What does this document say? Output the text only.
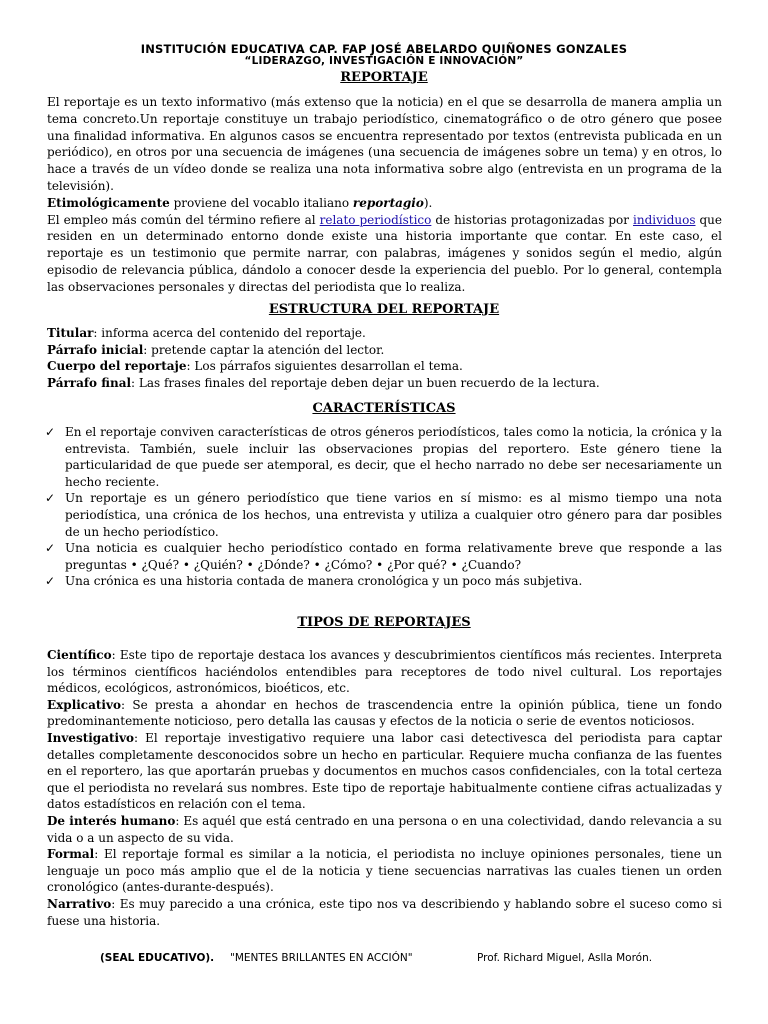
INSTITUCIÓN EDUCATIVA CAP. FAP JOSÉ ABELARDO QUIÑONES GONZALES
“LIDERAZGO, INVESTIGACIÓN E INNOVACIÓN”
REPORTAJE

El reportaje es un texto informativo (más extenso que la noticia) en el que se desarrolla de manera amplia un tema concreto.Un reportaje constituye un trabajo periodístico, cinematográfico o de otro género que posee una finalidad informativa. En algunos casos se encuentra representado por textos (entrevista publicada en un periódico), en otros por una secuencia de imágenes (una secuencia de imágenes sobre un tema) y en otros, lo hace a través de un vídeo donde se realiza una nota informativa sobre algo (entrevista en un programa de la televisión).

Etimológicamente proviene del vocablo italiano reportagio).

El empleo más común del término refiere al relato periodístico de historias protagonizadas por individuos que residen en un determinado entorno donde existe una historia importante que contar. En este caso, el reportaje es un testimonio que permite narrar, con palabras, imágenes y sonidos según el medio, algún episodio de relevancia pública, dándolo a conocer desde la experiencia del pueblo. Por lo general, contempla las observaciones personales y directas del periodista que lo realiza.

ESTRUCTURA DEL REPORTAJE
Titular: informa acerca del contenido del reportaje.
Párrafo inicial: pretende captar la atención del lector.
Cuerpo del reportaje: Los párrafos siguientes desarrollan el tema.
Párrafo final: Las frases finales del reportaje deben dejar un buen recuerdo de la lectura.
CARACTERÍSTICAS
✓ En el reportaje conviven características de otros géneros periodísticos, tales como la noticia, la crónica y la entrevista. También, suele incluir las observaciones propias del reportero. Este género tiene la particularidad de que puede ser atemporal, es decir, que el hecho narrado no debe ser necesariamente un hecho reciente.
✓ Un reportaje es un género periodístico que tiene varios en sí mismo: es al mismo tiempo una nota periodística, una crónica de los hechos, una entrevista y utiliza a cualquier otro género para dar posibles de un hecho periodístico.
✓ Una noticia es cualquier hecho periodístico contado en forma relativamente breve que responde a las preguntas • ¿Qué? • ¿Quién? • ¿Dónde? • ¿Cómo? • ¿Por qué? • ¿Cuando?
✓ Una crónica es una historia contada de manera cronológica y un poco más subjetiva.
TIPOS DE REPORTAJES

Científico: Este tipo de reportaje destaca los avances y descubrimientos científicos más recientes. Interpreta los términos científicos haciéndolos entendibles para receptores de todo nivel cultural. Los reportajes médicos, ecológicos, astronómicos, bioéticos, etc.

Explicativo: Se presta a ahondar en hechos de trascendencia entre la opinión pública, tiene un fondo predominantemente noticioso, pero detalla las causas y efectos de la noticia o serie de eventos noticiosos.

Investigativo: El reportaje investigativo requiere una labor casi detectivesca del periodista para captar detalles completamente desconocidos sobre un hecho en particular. Requiere mucha confianza de las fuentes en el reportero, las que aportarán pruebas y documentos en muchos casos confidenciales, con la total certeza que el periodista no revelará sus nombres. Este tipo de reportaje habitualmente contiene cifras actualizadas y datos estadísticos en relación con el tema.

De interés humano: Es aquél que está centrado en una persona o en una colectividad, dando relevancia a su vida o a un aspecto de su vida.

Formal: El reportaje formal es similar a la noticia, el periodista no incluye opiniones personales, tiene un lenguaje un poco más amplio que el de la noticia y tiene secuencias narrativas las cuales tienen un orden cronológico (antes-durante-después).

Narrativo: Es muy parecido a una crónica, este tipo nos va describiendo y hablando sobre el suceso como si fuese una historia.

(SEAL EDUCATIVO). "MENTES BRILLANTES EN ACCIÓN"	Prof. Richard Miguel, Aslla Morón.
